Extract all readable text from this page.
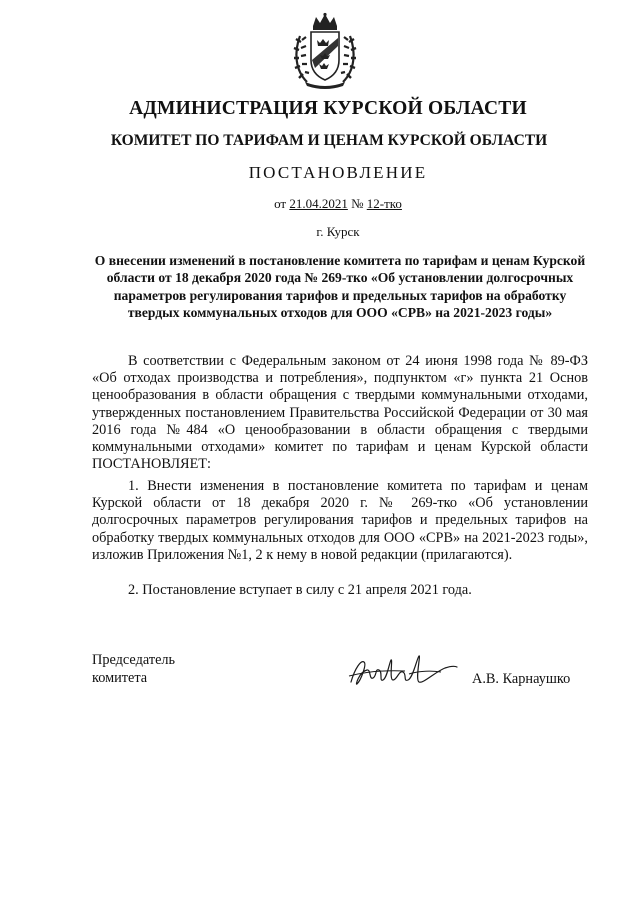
АДМИНИСТРАЦИЯ КУРСКОЙ ОБЛАСТИ
КОМИТЕТ ПО ТАРИФАМ И ЦЕНАМ КУРСКОЙ ОБЛАСТИ
ПОСТАНОВЛЕНИЕ
от 21.04.2021 № 12-тко
г. Курск
О внесении изменений в постановление комитета по тарифам и ценам Курской области от 18 декабря 2020 года № 269-тко «Об установлении долгосрочных параметров регулирования тарифов и предельных тарифов на обработку твердых коммунальных отходов для ООО «СРВ» на 2021-2023 годы»
В соответствии с Федеральным законом от 24 июня 1998 года № 89-ФЗ «Об отходах производства и потребления», подпунктом «г» пункта 21 Основ ценообразования в области обращения с твердыми коммунальными отходами, утвержденных постановлением Правительства Российской Федерации от 30 мая 2016 года №484 «О ценообразовании в области обращения с твердыми коммунальными отходами» комитет по тарифам и ценам Курской области ПОСТАНОВЛЯЕТ:
1. Внести изменения в постановление комитета по тарифам и ценам Курской области от 18 декабря 2020 г. № 269-тко «Об установлении долгосрочных параметров регулирования тарифов и предельных тарифов на обработку твердых коммунальных отходов для ООО «СРВ» на 2021-2023 годы», изложив Приложения №1, 2 к нему в новой редакции (прилагаются).
2. Постановление вступает в силу с 21 апреля 2021 года.
Председатель
комитета	А.В. Карнаушко
